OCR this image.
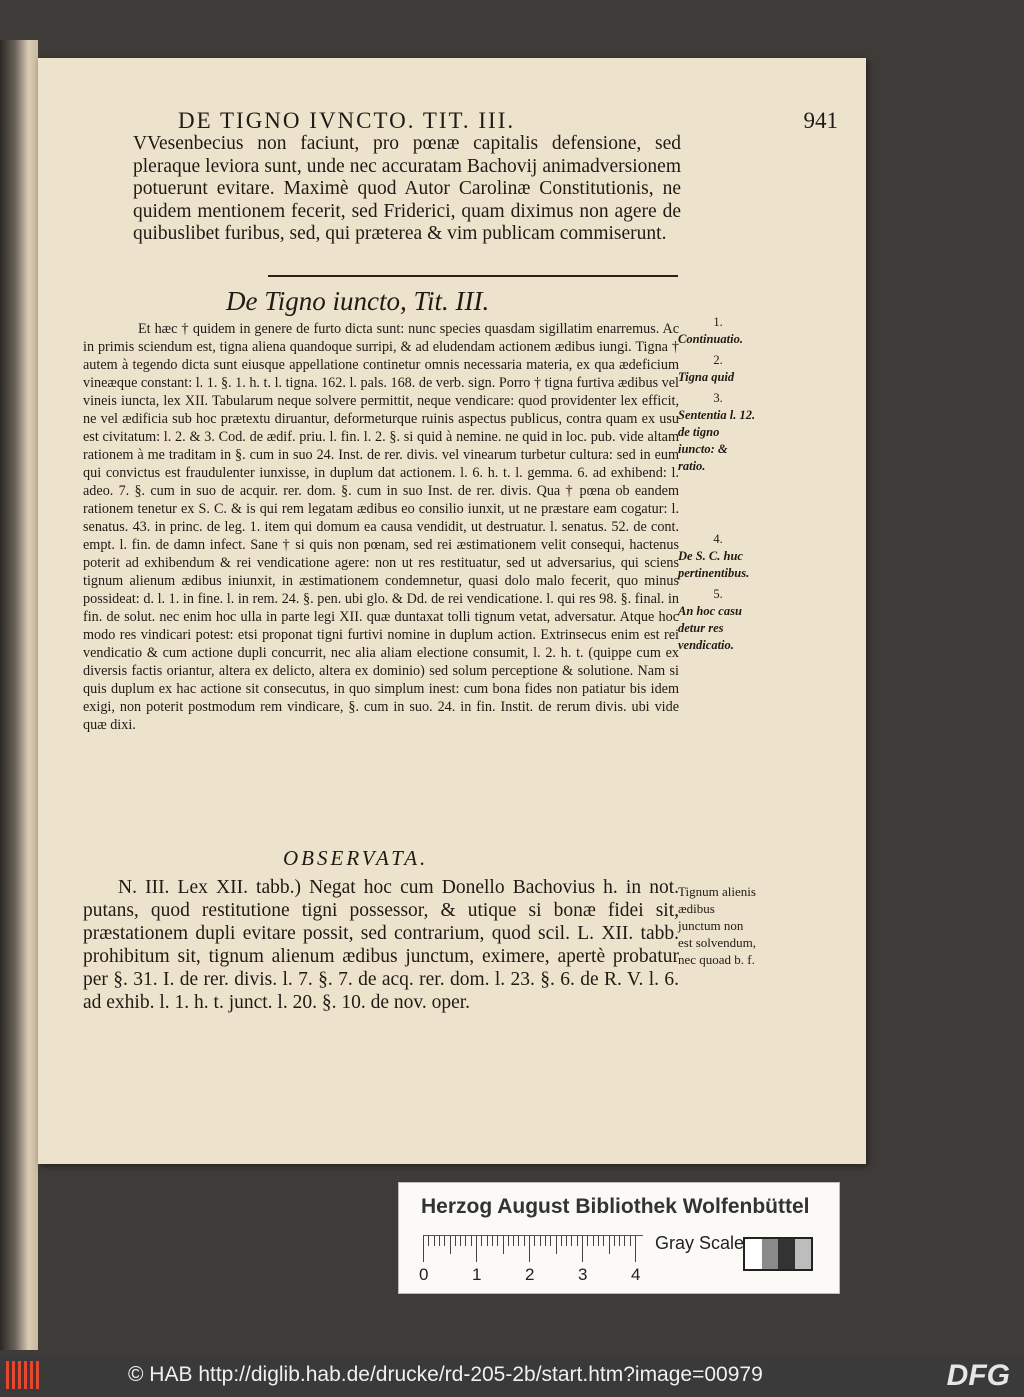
DE TIGNO IVNCTO. TIT. III.	941
VVesenbecius non faciunt, pro pœnæ capitalis defensione, sed pleraque leviora sunt, unde nec accuratam Bachovij animadversionem potuerunt evitare. Maximè quod Autor Carolinæ Constitutionis, ne quidem mentionem fecerit, sed Friderici, quam diximus non agere de quibuslibet furibus, sed, qui præterea & vim publicam commiserunt.
De Tigno iuncto, Tit. III.

Et hæc † quidem in genere de furto dicta sunt: nunc species quasdam sigillatim enarremus. Ac in primis sciendum est, tigna aliena quandoque surripi, & ad eludendam actionem ædibus iungi. Tigna † autem à tegendo dicta sunt eiusque appellatione continetur omnis necessaria materia, ex qua ædeficium vineæque constant: l. 1. §. 1. h. t. l. tigna. 162. l. pals. 168. de verb. sign. Porro † tigna furtiva ædibus vel vineis iuncta, lex XII. Tabularum neque solvere permittit, neque vendicare: quod providenter lex efficit, ne vel ædificia sub hoc prætextu diruantur, deformeturque ruinis aspectus publicus, contra quam ex usu est civitatum: l. 2. & 3. Cod. de ædif. priu. l. fin. l. 2. §. si quid à nemine. ne quid in loc. pub. vide altam rationem à me traditam in §. cum in suo 24. Inst. de rer. divis. vel vinearum turbetur cultura: sed in eum qui convictus est fraudulenter iunxisse, in duplum dat actionem. l. 6. h. t. l. gemma. 6. ad exhibend: l. adeo. 7. §. cum in suo de acquir. rer. dom. §. cum in suo Inst. de rer. divis. Qua † pœna ob eandem rationem tenetur ex S. C. & is qui rem legatam ædibus eo consilio iunxit, ut ne præstare eam cogatur: l. senatus. 43. in princ. de leg. 1. item qui domum ea causa vendidit, ut destruatur. l. senatus. 52. de cont. empt. l. fin. de damn infect. Sane † si quis non pœnam, sed rei æstimationem velit consequi, hactenus poterit ad exhibendum & rei vendicatione agere: non ut res restituatur, sed ut adversarius, qui sciens tignum alienum ædibus iniunxit, in æstimationem condemnetur, quasi dolo malo fecerit, quo minus possideat: d. l. 1. in fine. l. in rem. 24. §. pen. ubi glo. & Dd. de rei vendicatione. l. qui res 98. §. final. in fin. de solut. nec enim hoc ulla in parte legi XII. quæ duntaxat tolli tignum vetat, adversatur. Atque hoc modo res vindicari potest: etsi proponat tigni furtivi nomine in duplum action. Extrinsecus enim est rei vendicatio & cum actione dupli concurrit, nec alia aliam electione consumit, l. 2. h. t. (quippe cum ex diversis factis oriantur, altera ex delicto, altera ex dominio) sed solum perceptione & solutione. Nam si quis duplum ex hac actione sit consecutus, in quo simplum inest: cum bona fides non patiatur bis idem exigi, non poterit postmodum rem vindicare, §. cum in suo. 24. in fin. Instit. de rerum divis. ubi vide quæ dixi.

1.
Continuatio.
2.
Tigna quid
3.
Sententia l. 12. de tigno iuncto: & ratio.
4.
De S. C. huc pertinentibus.
5.
An hoc casu detur res vendicatio.
OBSERVATA.

N. III. Lex XII. tabb.) Negat hoc cum Donello Bachovius h. in not. putans, quod restitutione tigni possessor, & utique si bonæ fidei sit, præstationem dupli evitare possit, sed contrarium, quod scil. L. XII. tabb. prohibitum sit, tignum alienum ædibus junctum, eximere, apertè probatur per §. 31. I. de rer. divis. l. 7. §. 7. de acq. rer. dom. l. 23. §. 6. de R. V. l. 6. ad exhib. l. 1. h. t. junct. l. 20. §. 10. de nov. oper.

Tignum alienis ædibus junctum non est solvendum, nec quoad b. f.
Herzog August Bibliothek Wolfenbüttel
0	1	2	3	4
Gray Scale
© HAB http://diglib.hab.de/drucke/rd-205-2b/start.htm?image=00979	DFG
